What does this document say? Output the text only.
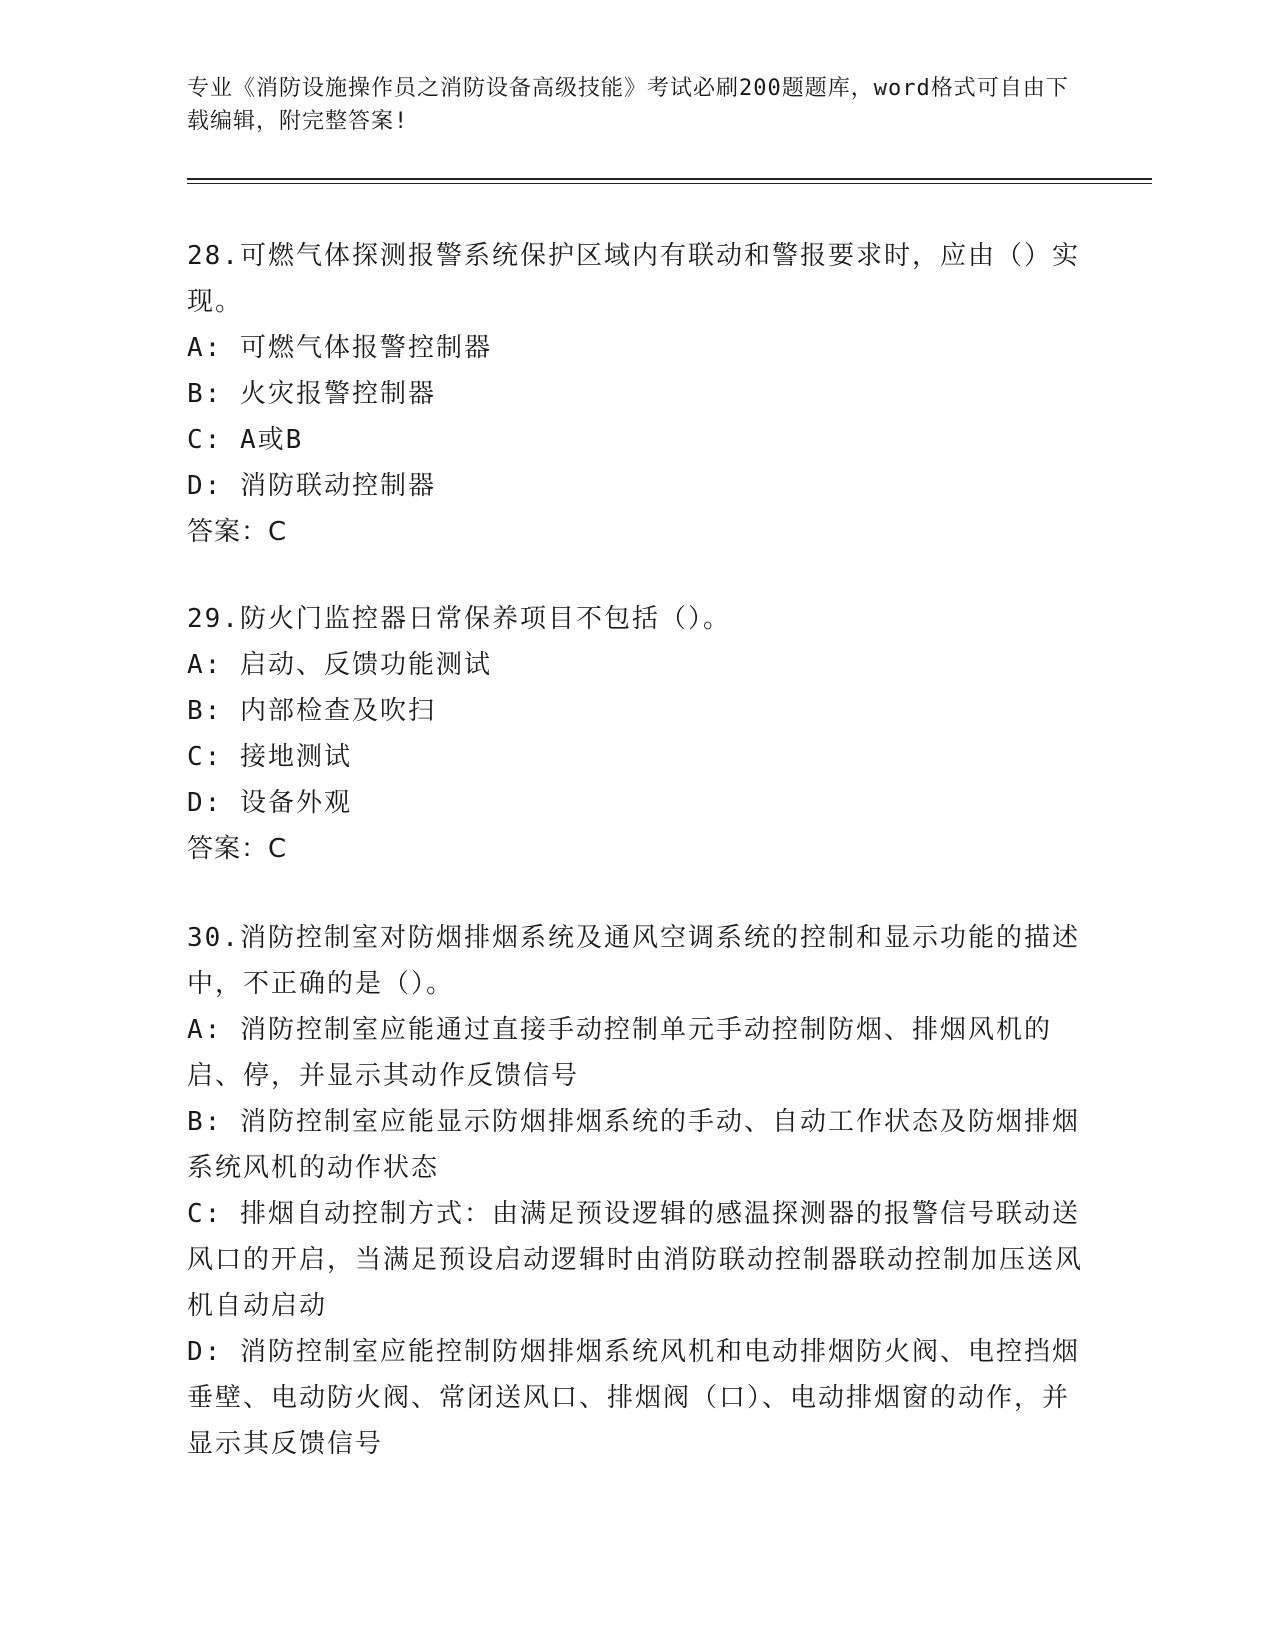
专业《消防设施操作员之消防设备高级技能》考试必刷200题题库，word格式可自由下载编辑，附完整答案!

28.可燃气体探测报警系统保护区域内有联动和警报要求时，应由（）实现。

A: 可燃气体报警控制器

B: 火灾报警控制器

C: A或B

D: 消防联动控制器

答案：C

29.防火门监控器日常保养项目不包括（）。

A: 启动、反馈功能测试

B: 内部检查及吹扫

C: 接地测试

D: 设备外观

答案：C

30.消防控制室对防烟排烟系统及通风空调系统的控制和显示功能的描述中，不正确的是（）。

A: 消防控制室应能通过直接手动控制单元手动控制防烟、排烟风机的启、停，并显示其动作反馈信号

B: 消防控制室应能显示防烟排烟系统的手动、自动工作状态及防烟排烟系统风机的动作状态

C: 排烟自动控制方式：由满足预设逻辑的感温探测器的报警信号联动送风口的开启，当满足预设启动逻辑时由消防联动控制器联动控制加压送风机自动启动

D: 消防控制室应能控制防烟排烟系统风机和电动排烟防火阀、电控挡烟垂壁、电动防火阀、常闭送风口、排烟阀（口）、电动排烟窗的动作，并显示其反馈信号
